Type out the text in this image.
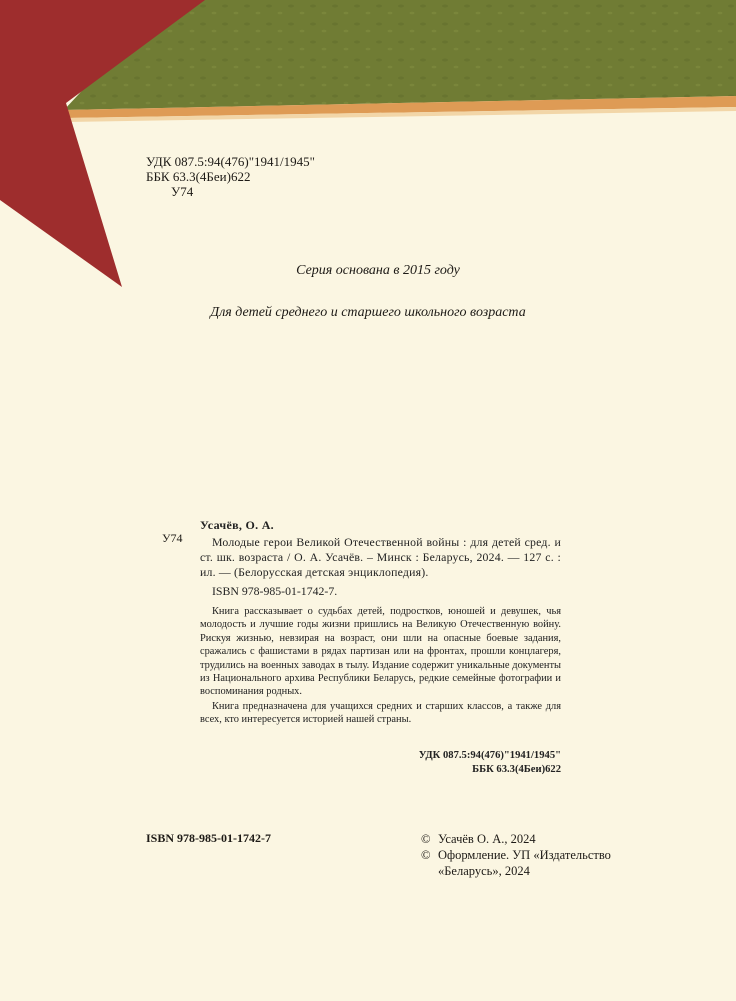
УДК 087.5:94(476)"1941/1945"
ББК 63.3(4Беи)622
У74
Серия основана в 2015 году
Для детей среднего и старшего школьного возраста
У74
Усачёв, О. А.

Молодые герои Великой Отечественной войны : для детей сред. и ст. шк. возраста / О. А. Усачёв. – Минск : Беларусь, 2024. — 127 с. : ил. — (Белорусская детская энциклопедия).

ISBN 978-985-01-1742-7.

Книга рассказывает о судьбах детей, подростков, юношей и девушек, чья молодость и лучшие годы жизни пришлись на Великую Отечественную войну. Рискуя жизнью, невзирая на возраст, они шли на опасные боевые задания, сражались с фашистами в рядах партизан или на фронтах, прошли концлагеря, трудились на военных заводах в тылу. Издание содержит уникальные документы из Национального архива Республики Беларусь, редкие семейные фотографии и воспоминания родных.

Книга предназначена для учащихся средних и старших классов, а также для всех, кто интересуется историей нашей страны.

УДК 087.5:94(476)"1941/1945"
ББК 63.3(4Беи)622
ISBN 978-985-01-1742-7	© Усачёв О. А., 2024
© Оформление. УП «Издательство
«Беларусь», 2024
